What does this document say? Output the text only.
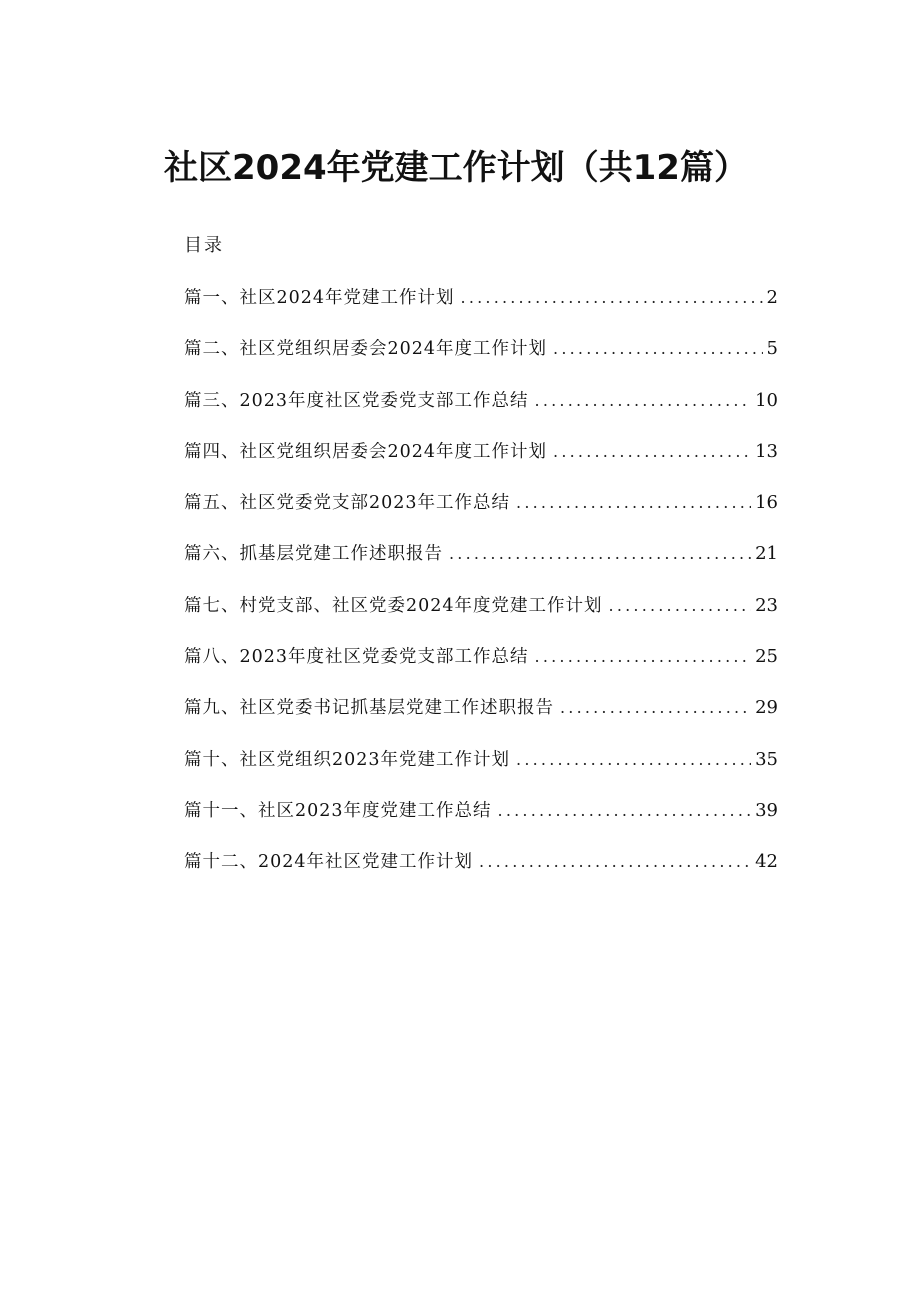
社区2024年党建工作计划（共12篇）
目录
篇一、社区2024年党建工作计划 .....	2
篇二、社区党组织居委会2024年度工作计划 .....	5
篇三、2023年度社区党委党支部工作总结 .....	10
篇四、社区党组织居委会2024年度工作计划 .....	13
篇五、社区党委党支部2023年工作总结 .....	16
篇六、抓基层党建工作述职报告 .....	21
篇七、村党支部、社区党委2024年度党建工作计划 .....	23
篇八、2023年度社区党委党支部工作总结 .....	25
篇九、社区党委书记抓基层党建工作述职报告 .....	29
篇十、社区党组织2023年党建工作计划 .....	35
篇十一、社区2023年度党建工作总结 .....	39
篇十二、2024年社区党建工作计划 .....	42
